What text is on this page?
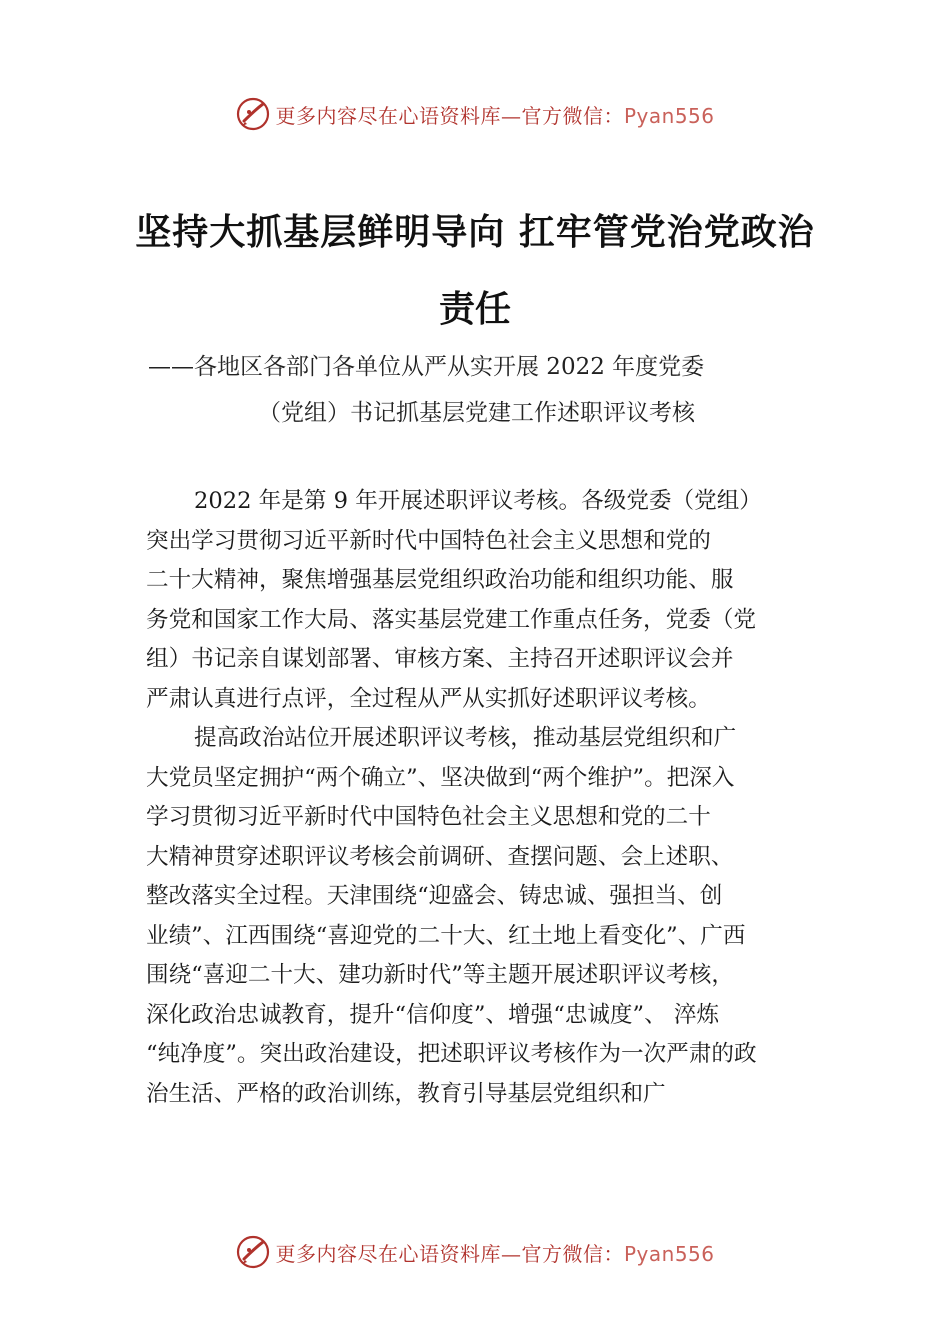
更多内容尽在心语资料库—官方微信：Pyan556
坚持大抓基层鲜明导向 扛牢管党治党政治
责任
——各地区各部门各单位从严从实开展 2022 年度党委
（党组）书记抓基层党建工作述职评议考核
2022 年是第 9 年开展述职评议考核。各级党委（党组）
突出学习贯彻习近平新时代中国特色社会主义思想和党的
二十大精神，聚焦增强基层党组织政治功能和组织功能、服
务党和国家工作大局、落实基层党建工作重点任务，党委（党
组）书记亲自谋划部署、审核方案、主持召开述职评议会并
严肃认真进行点评，全过程从严从实抓好述职评议考核。
提高政治站位开展述职评议考核，推动基层党组织和广
大党员坚定拥护“两个确立”、坚决做到“两个维护”。把深入
学习贯彻习近平新时代中国特色社会主义思想和党的二十
大精神贯穿述职评议考核会前调研、查摆问题、会上述职、
整改落实全过程。天津围绕“迎盛会、铸忠诚、强担当、创
业绩”、江西围绕“喜迎党的二十大、红土地上看变化”、广西
围绕“喜迎二十大、建功新时代”等主题开展述职评议考核，
深化政治忠诚教育，提升“信仰度”、增强“忠诚度”、 淬炼
“纯净度”。突出政治建设，把述职评议考核作为一次严肃的政
治生活、严格的政治训练，教育引导基层党组织和广
更多内容尽在心语资料库—官方微信：Pyan556
